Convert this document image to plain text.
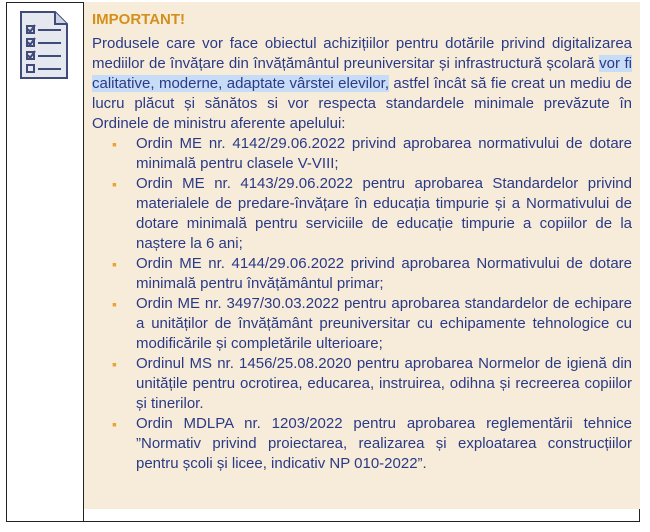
IMPORTANT!

Produsele care vor face obiectul achizițiilor pentru dotările privind digitalizarea mediilor de învățare din învățământul preuniversitar și infrastructură școlară vor fi calitative, moderne, adaptate vârstei elevilor, astfel încât să fie creat un mediu de lucru plăcut și sănătos si vor respecta standardele minimale prevăzute în Ordinele de ministru aferente apelului:

▪ Ordin ME nr. 4142/29.06.2022 privind aprobarea normativului de dotare minimală pentru clasele V-VIII;
▪ Ordin ME nr. 4143/29.06.2022 pentru aprobarea Standardelor privind materialele de predare-învățare în educația timpurie și a Normativului de dotare minimală pentru serviciile de educație timpurie a copiilor de la naștere la 6 ani;
▪ Ordin ME nr. 4144/29.06.2022 privind aprobarea Normativului de dotare minimală pentru învățământul primar;
▪ Ordin ME nr. 3497/30.03.2022 pentru aprobarea standardelor de echipare a unităților de învățământ preuniversitar cu echipamente tehnologice cu modificările și completările ulterioare;
▪ Ordinul MS nr. 1456/25.08.2020 pentru aprobarea Normelor de igienă din unitățile pentru ocrotirea, educarea, instruirea, odihna și recreerea copiilor și tinerilor.
▪ Ordin MDLPA nr. 1203/2022 pentru aprobarea reglementării tehnice ”Normativ privind proiectarea, realizarea și exploatarea construcțiilor pentru școli și licee, indicativ NP 010-2022”.
